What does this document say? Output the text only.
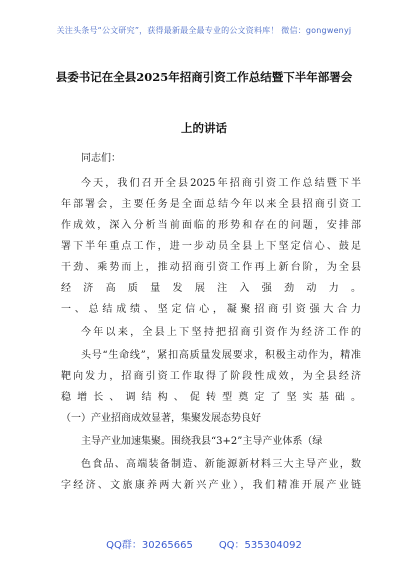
关注头条号“公文研究”，获得最新最全最专业的公文资料库！ 微信：gongwenyj
县委书记在全县2025年招商引资工作总结暨下半年部署会
上的讲话
同志们：
今天，我们召开全县2025年招商引资工作总结暨下半
年部署会，主要任务是全面总结今年以来全县招商引资工
作成效，深入分析当前面临的形势和存在的问题，安排部
署下半年重点工作，进一步动员全县上下坚定信心、鼓足
干劲、乘势而上，推动招商引资工作再上新台阶，为全县
经济高质量发展注入强劲动力。
一、总结成绩、坚定信心，凝聚招商引资强大合力
今年以来，全县上下坚持把招商引资作为经济工作的
头号“生命线”，紧扣高质量发展要求，积极主动作为，精准
靶向发力，招商引资工作取得了阶段性成效，为全县经济
稳增长、调结构、促转型奠定了坚实基础。
（一）产业招商成效显著，集聚发展态势良好
主导产业加速集聚。围绕我县“3+2”主导产业体系（绿
色食品、高端装备制造、新能源新材料三大主导产业，数
字经济、文旅康养两大新兴产业），我们精准开展产业链
QQ群：30265665	QQ：535304092
